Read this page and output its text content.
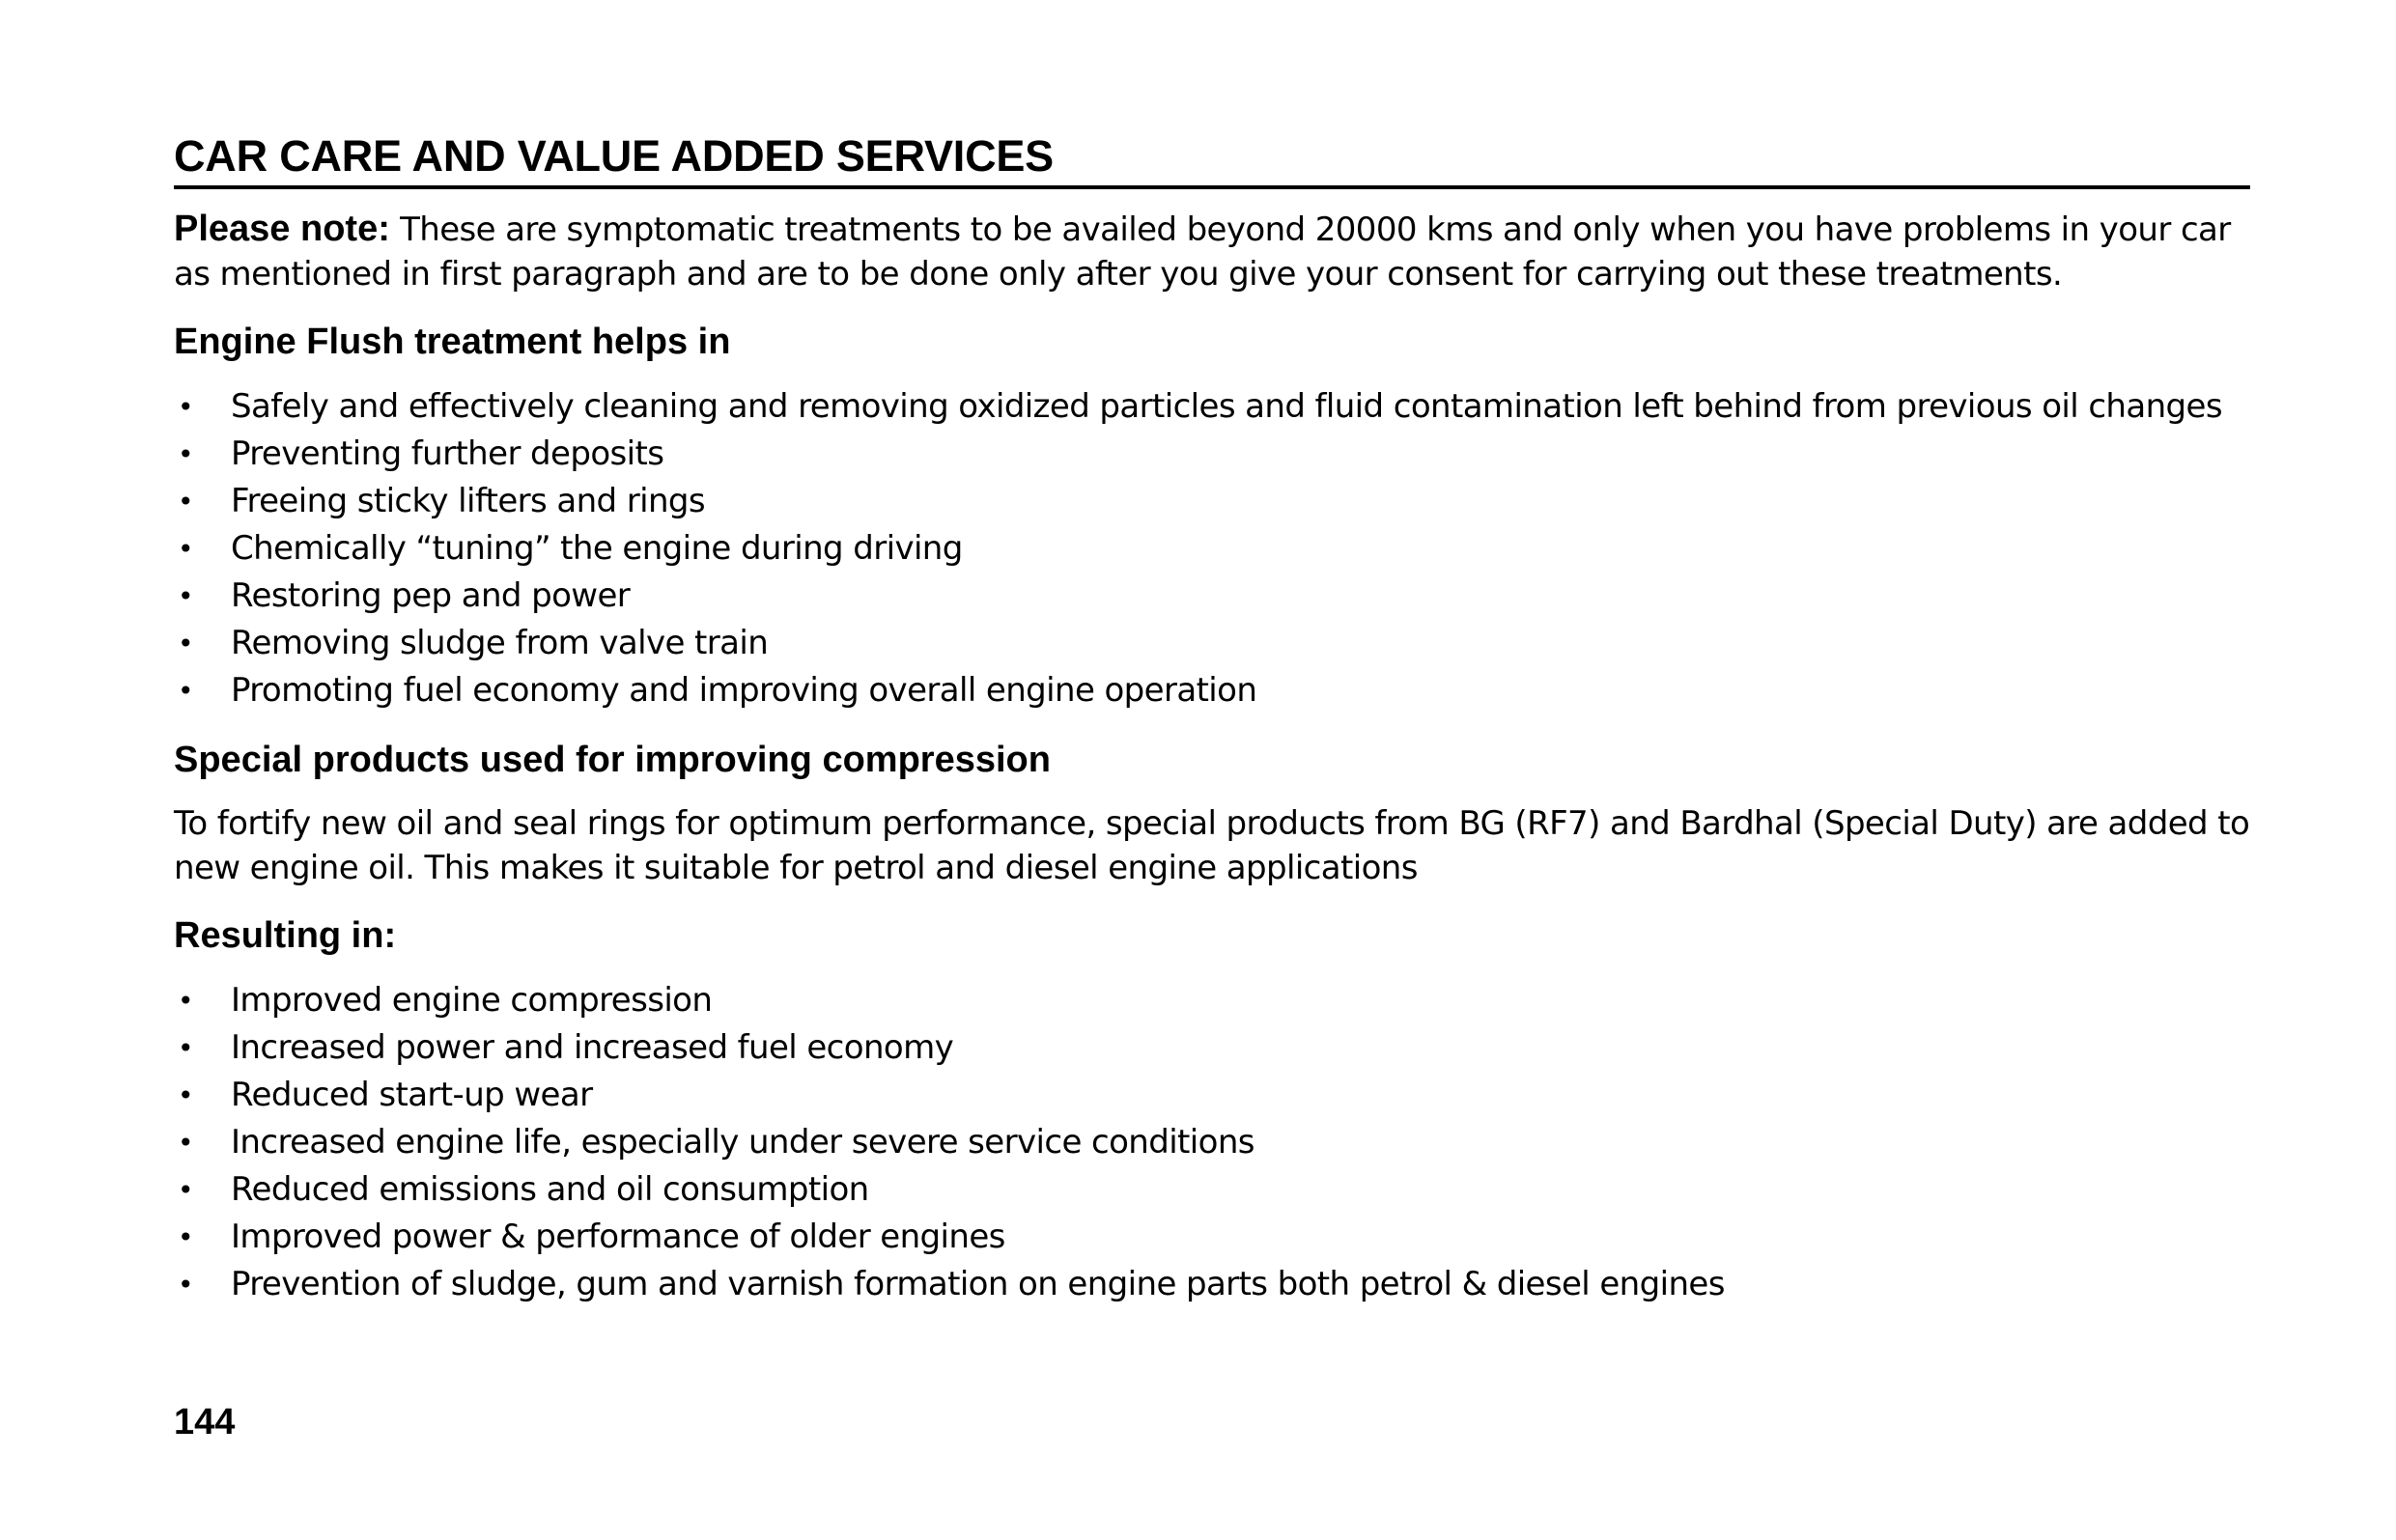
CAR CARE AND VALUE ADDED SERVICES

Please note: These are symptomatic treatments to be availed beyond 20000 kms and only when you have problems in your car as mentioned in first paragraph and are to be done only after you give your consent for carrying out these treatments.

Engine Flush treatment helps in
• Safely and effectively cleaning and removing oxidized particles and fluid contamination left behind from previous oil changes
• Preventing further deposits
• Freeing sticky lifters and rings
• Chemically “tuning” the engine during driving
• Restoring pep and power
• Removing sludge from valve train
• Promoting fuel economy and improving overall engine operation
Special products used for improving compression

To fortify new oil and seal rings for optimum performance, special products from BG (RF7) and Bardhal (Special Duty) are added to new engine oil. This makes it suitable for petrol and diesel engine applications

Resulting in:
• Improved engine compression
• Increased power and increased fuel economy
• Reduced start-up wear
• Increased engine life, especially under severe service conditions
• Reduced emissions and oil consumption
• Improved power & performance of older engines
• Prevention of sludge, gum and varnish formation on engine parts both petrol & diesel engines

144
